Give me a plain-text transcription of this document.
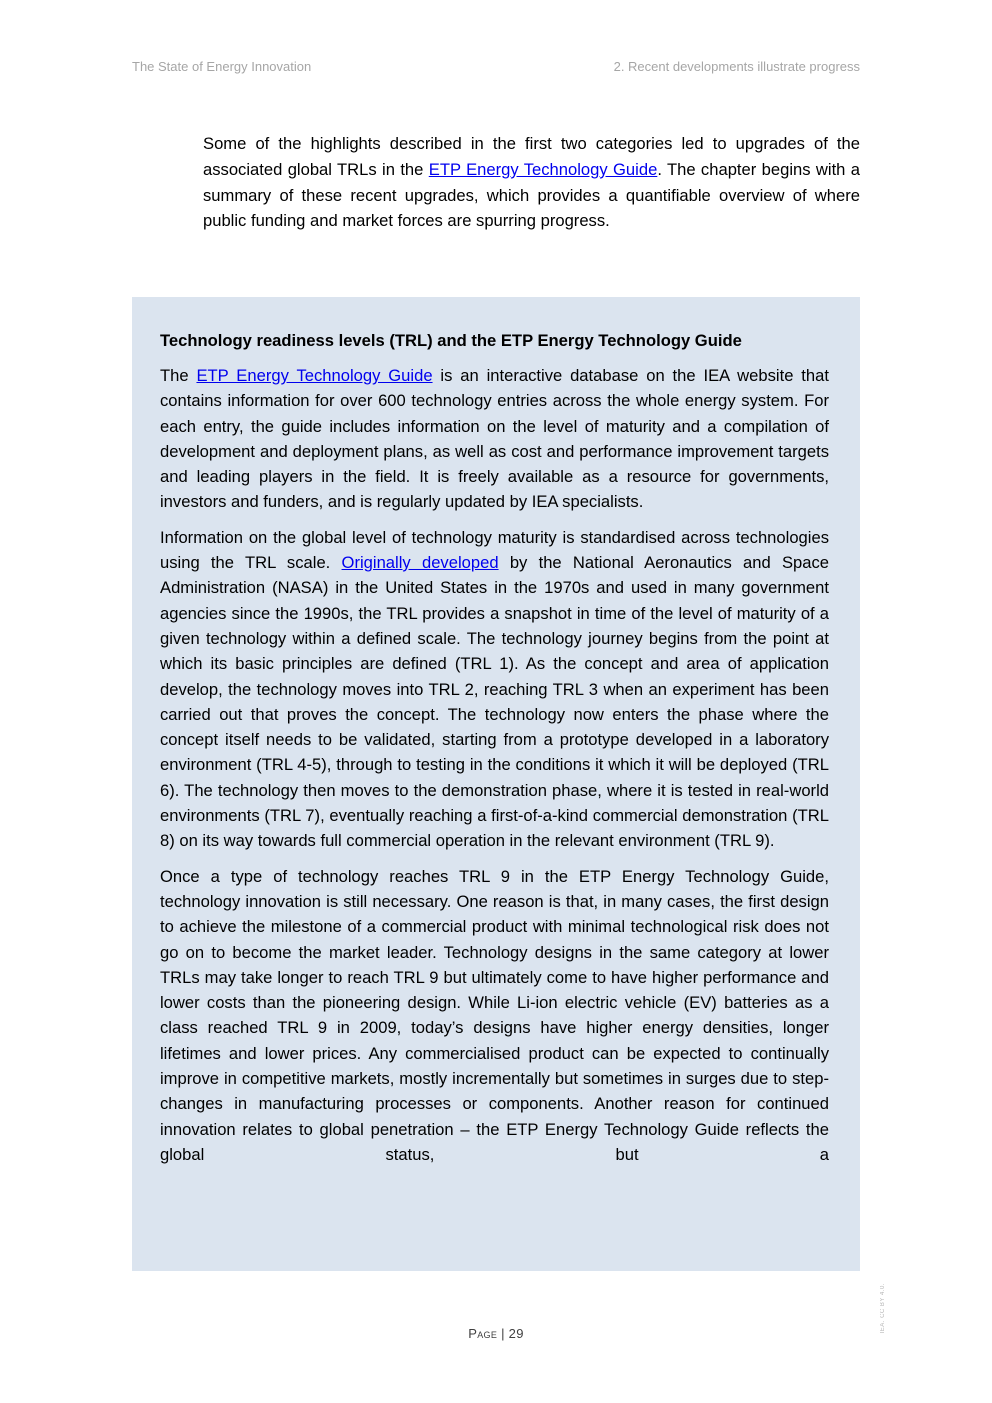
The State of Energy Innovation	2. Recent developments illustrate progress

Some of the highlights described in the first two categories led to upgrades of the associated global TRLs in the ETP Energy Technology Guide. The chapter begins with a summary of these recent upgrades, which provides a quantifiable overview of where public funding and market forces are spurring progress.

Technology readiness levels (TRL) and the ETP Energy Technology Guide

The ETP Energy Technology Guide is an interactive database on the IEA website that contains information for over 600 technology entries across the whole energy system. For each entry, the guide includes information on the level of maturity and a compilation of development and deployment plans, as well as cost and performance improvement targets and leading players in the field. It is freely available as a resource for governments, investors and funders, and is regularly updated by IEA specialists.

Information on the global level of technology maturity is standardised across technologies using the TRL scale. Originally developed by the National Aeronautics and Space Administration (NASA) in the United States in the 1970s and used in many government agencies since the 1990s, the TRL provides a snapshot in time of the level of maturity of a given technology within a defined scale. The technology journey begins from the point at which its basic principles are defined (TRL 1). As the concept and area of application develop, the technology moves into TRL 2, reaching TRL 3 when an experiment has been carried out that proves the concept. The technology now enters the phase where the concept itself needs to be validated, starting from a prototype developed in a laboratory environment (TRL 4-5), through to testing in the conditions it which it will be deployed (TRL 6). The technology then moves to the demonstration phase, where it is tested in real-world environments (TRL 7), eventually reaching a first-of-a-kind commercial demonstration (TRL 8) on its way towards full commercial operation in the relevant environment (TRL 9).

Once a type of technology reaches TRL 9 in the ETP Energy Technology Guide, technology innovation is still necessary. One reason is that, in many cases, the first design to achieve the milestone of a commercial product with minimal technological risk does not go on to become the market leader. Technology designs in the same category at lower TRLs may take longer to reach TRL 9 but ultimately come to have higher performance and lower costs than the pioneering design. While Li-ion electric vehicle (EV) batteries as a class reached TRL 9 in 2009, today’s designs have higher energy densities, longer lifetimes and lower prices. Any commercialised product can be expected to continually improve in competitive markets, mostly incrementally but sometimes in surges due to step-changes in manufacturing processes or components. Another reason for continued innovation relates to global penetration – the ETP Energy Technology Guide reflects the global status, but a

Page | 29
IEA. CC BY 4.0.
